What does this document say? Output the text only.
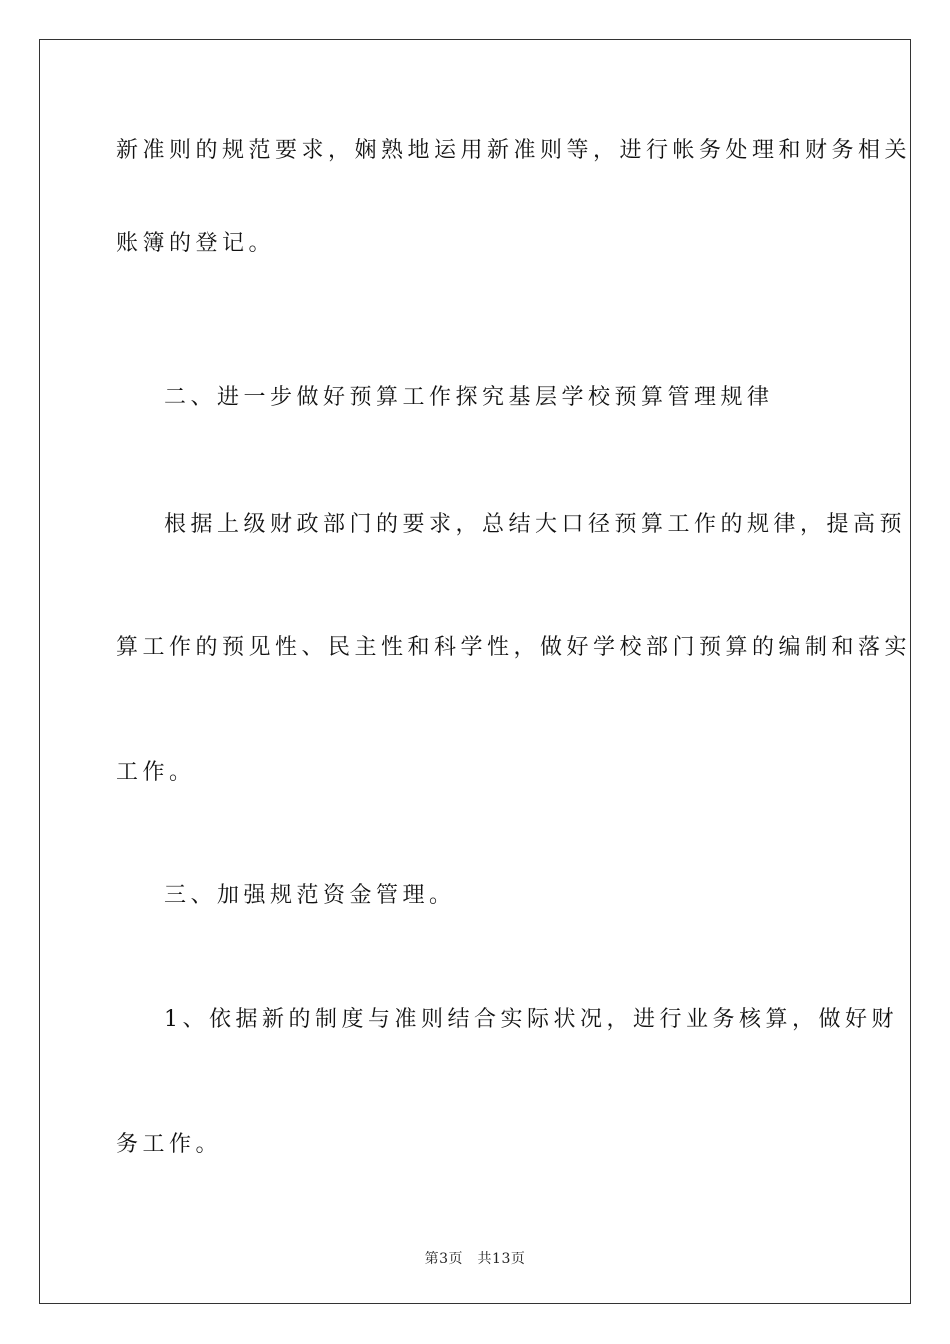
新准则的规范要求，娴熟地运用新准则等，进行帐务处理和财务相关
账簿的登记。
二、进一步做好预算工作探究基层学校预算管理规律
根据上级财政部门的要求，总结大口径预算工作的规律，提高预
算工作的预见性、民主性和科学性，做好学校部门预算的编制和落实
工作。
三、加强规范资金管理。
1、依据新的制度与准则结合实际状况，进行业务核算，做好财
务工作。
第3页　共13页
